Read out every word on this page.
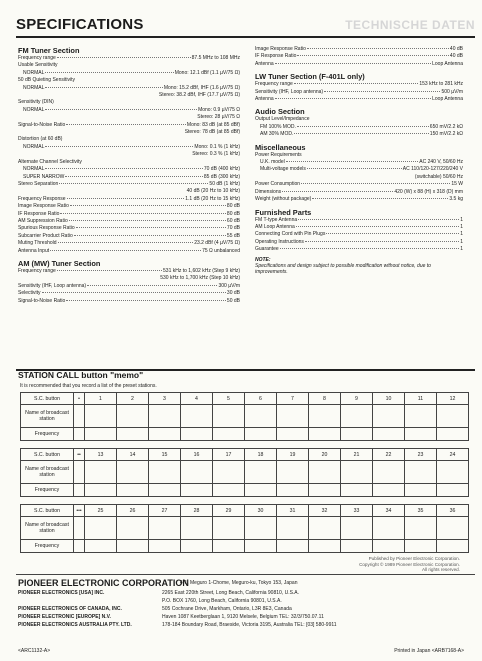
SPECIFICATIONS	TECHNISCHE DATEN
FM Tuner Section
Frequency range	87.5 MHz to 108 MHz
Usable Sensitivity
NORMAL	Mono: 12.1 dBf (1.1 µV/75 Ω)
50 dB Quieting Sensitivity
NORMAL	Mono: 15.2 dBf, IHF (1.6 µV/75 Ω)
Stereo: 38.2 dBf, IHF (17.7 µV/75 Ω)
Sensitivity (DIN)
NORMAL	Mono: 0.9 µV/75 Ω
Stereo: 28 µV/75 Ω
Signal-to-Noise Ratio	Mono: 83 dB (at 85 dBf)
Stereo: 78 dB (at 85 dBf)
Distortion (at 60 dB)
NORMAL	Mono: 0.1 % (1 kHz)
Stereo: 0.3 % (1 kHz)
Alternate Channel Selectivity
NORMAL	70 dB (400 kHz)
SUPER NARROW	85 dB (300 kHz)
Stereo Separation	50 dB (1 kHz)
40 dB (20 Hz to 10 kHz)
Frequency Response	1.1 dB (20 Hz to 15 kHz)
Image Response Ratio	80 dB
IF Response Ratio	80 dB
AM Suppression Ratio	60 dB
Spurious Response Ratio	70 dB
Subcarrier Product Ratio	55 dB
Muting Threshold	23.2 dBf (4 µV/75 Ω)
Antenna Input	75 Ω unbalanced
AM (MW) Tuner Section
Frequency range	531 kHz to 1,602 kHz (Step 9 kHz)
530 kHz to 1,700 kHz (Step 10 kHz)
Sensitivity (IHF, Loop antenna)	300 µV/m
Selectivity	30 dB
Signal-to-Noise Ratio	50 dB
Image Response Ratio	40 dB
IF Response Ratio	40 dB
Antenna	Loop Antenna
LW Tuner Section (F-401L only)
Frequency range	153 kHz to 281 kHz
Sensitivity (IHF, Loop antenna)	500 µV/m
Antenna	Loop Antenna
Audio Section
Output Level/Impedance
FM 100% MOD.	650 mV/2.2 kΩ
AM 30% MOD.	150 mV/2.2 kΩ
Miscellaneous
Power Requirements
U.K. model	AC 240 V, 50/60 Hz
Multi-voltage models	AC 110/120-127/220/240 V
(switchable) 50/60 Hz
Power Consumption	15 W
Dimensions	420 (W) x 88 (H) x 318 (D) mm
Weight (without package)	3.5 kg
Furnished Parts
FM T-type Antenna	1
AM Loop Antenna	1
Connecting Cord with Pin Plugs	1
Operating Instructions	1
Guarantee	1
NOTE:
Specifications and design subject to possible modification without notice, due to improvements.
STATION CALL button "memo"
It is recommended that you record a list of the preset stations.
S.C. button	•	1	2	3	4	5	6	7	8	9	10	11	12
Name of broadcast station													
Frequency													

S.C. button	••	13	14	15	16	17	18	19	20	21	22	23	24
Name of broadcast station													
Frequency													

S.C. button	•••	25	26	27	28	29	30	31	32	33	34	35	36
Name of broadcast station													
Frequency													
Published by Pioneer Electronic Corporation.
Copyright © 1989 Pioneer Electronic Corporation.
All rights reserved.
PIONEER ELECTRONIC CORPORATION
4-1, Meguro 1-Chome, Meguro-ku, Tokyo 153, Japan
PIONEER ELECTRONICS [USA] INC.	2265 East 220th Street, Long Beach, California 90810, U.S.A.
P.O. BOX 1760, Long Beach, California 90801, U.S.A.
PIONEER ELECTRONICS OF CANADA, INC.	505 Cochrane Drive, Markham, Ontario, L3R 8E3, Canada
PIONEER ELECTRONIC [EUROPE] N.V.	Haven 1087 Keetberglaan 1, 9120 Melsele, Belgium TEL: 32/3/750.07.11
PIONEER ELECTRONICS AUSTRALIA PTY. LTD.	178-184 Boundary Road, Braeside, Victoria 3195, Australia TEL: [03] 580-9911
<ARC1132-A>	Printed in Japan <ARB7168-A>
